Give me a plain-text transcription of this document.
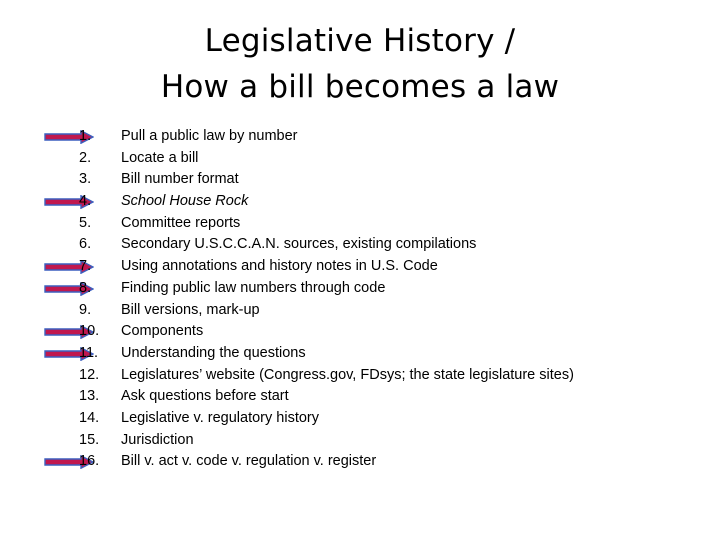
Legislative History /
How a bill becomes a law
1. Pull a public law by number
2. Locate a bill
3. Bill number format
4. School House Rock
5. Committee reports
6. Secondary U.S.C.C.A.N. sources, existing compilations
7. Using annotations and history notes in U.S. Code
8. Finding public law numbers through code
9. Bill versions, mark-up
10. Components
11. Understanding the questions
12. Legislatures’ website (Congress.gov, FDsys; the state legislature sites)
13. Ask questions before start
14. Legislative v. regulatory history
15. Jurisdiction
16. Bill v. act v. code v. regulation v. register
